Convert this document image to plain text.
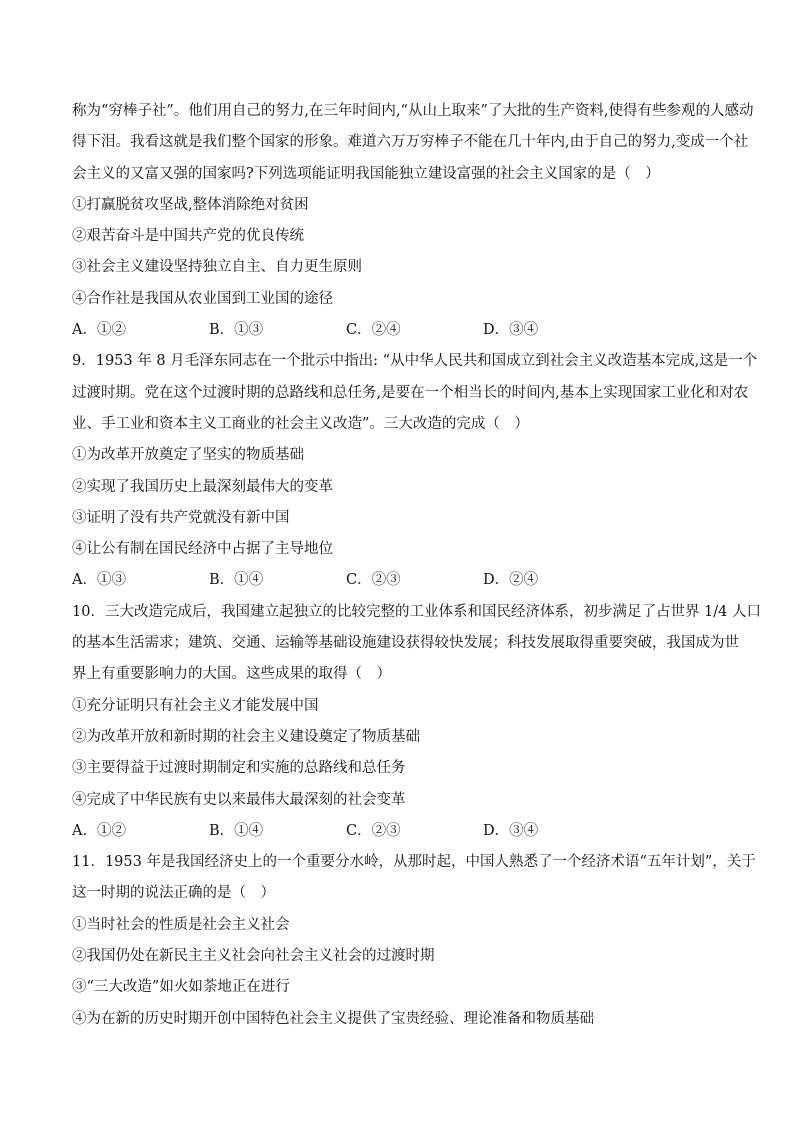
称为“穷棒子社”。他们用自己的努力,在三年时间内,“从山上取来”了大批的生产资料,使得有些参观的人感动
得下泪。我看这就是我们整个国家的形象。难道六万万穷棒子不能在几十年内,由于自己的努力,变成一个社
会主义的又富又强的国家吗?下列选项能证明我国能独立建设富强的社会主义国家的是（　）
①打赢脱贫攻坚战,整体消除绝对贫困
②艰苦奋斗是中国共产党的优良传统
③社会主义建设坚持独立自主、自力更生原则
④合作社是我国从农业国到工业国的途径
A．①②	B．①③	C．②④	D．③④
9．1953 年 8 月毛泽东同志在一个批示中指出: “从中华人民共和国成立到社会主义改造基本完成,这是一个
过渡时期。党在这个过渡时期的总路线和总任务,是要在一个相当长的时间内,基本上实现国家工业化和对农
业、手工业和资本主义工商业的社会主义改造”。三大改造的完成（　）
①为改革开放奠定了坚实的物质基础
②实现了我国历史上最深刻最伟大的变革
③证明了没有共产党就没有新中国
④让公有制在国民经济中占据了主导地位
A．①③	B．①④	C．②③	D．②④
10．三大改造完成后，我国建立起独立的比较完整的工业体系和国民经济体系，初步满足了占世界 1/4 人口
的基本生活需求；建筑、交通、运输等基础设施建设获得较快发展；科技发展取得重要突破，我国成为世
界上有重要影响力的大国。这些成果的取得（　）
①充分证明只有社会主义才能发展中国
②为改革开放和新时期的社会主义建设奠定了物质基础
③主要得益于过渡时期制定和实施的总路线和总任务
④完成了中华民族有史以来最伟大最深刻的社会变革
A．①②	B．①④	C．②③	D．③④
11．1953 年是我国经济史上的一个重要分水岭，从那时起，中国人熟悉了一个经济术语“五年计划”，关于
这一时期的说法正确的是（　）
①当时社会的性质是社会主义社会
②我国仍处在新民主主义社会向社会主义社会的过渡时期
③“三大改造”如火如荼地正在进行
④为在新的历史时期开创中国特色社会主义提供了宝贵经验、理论准备和物质基础
